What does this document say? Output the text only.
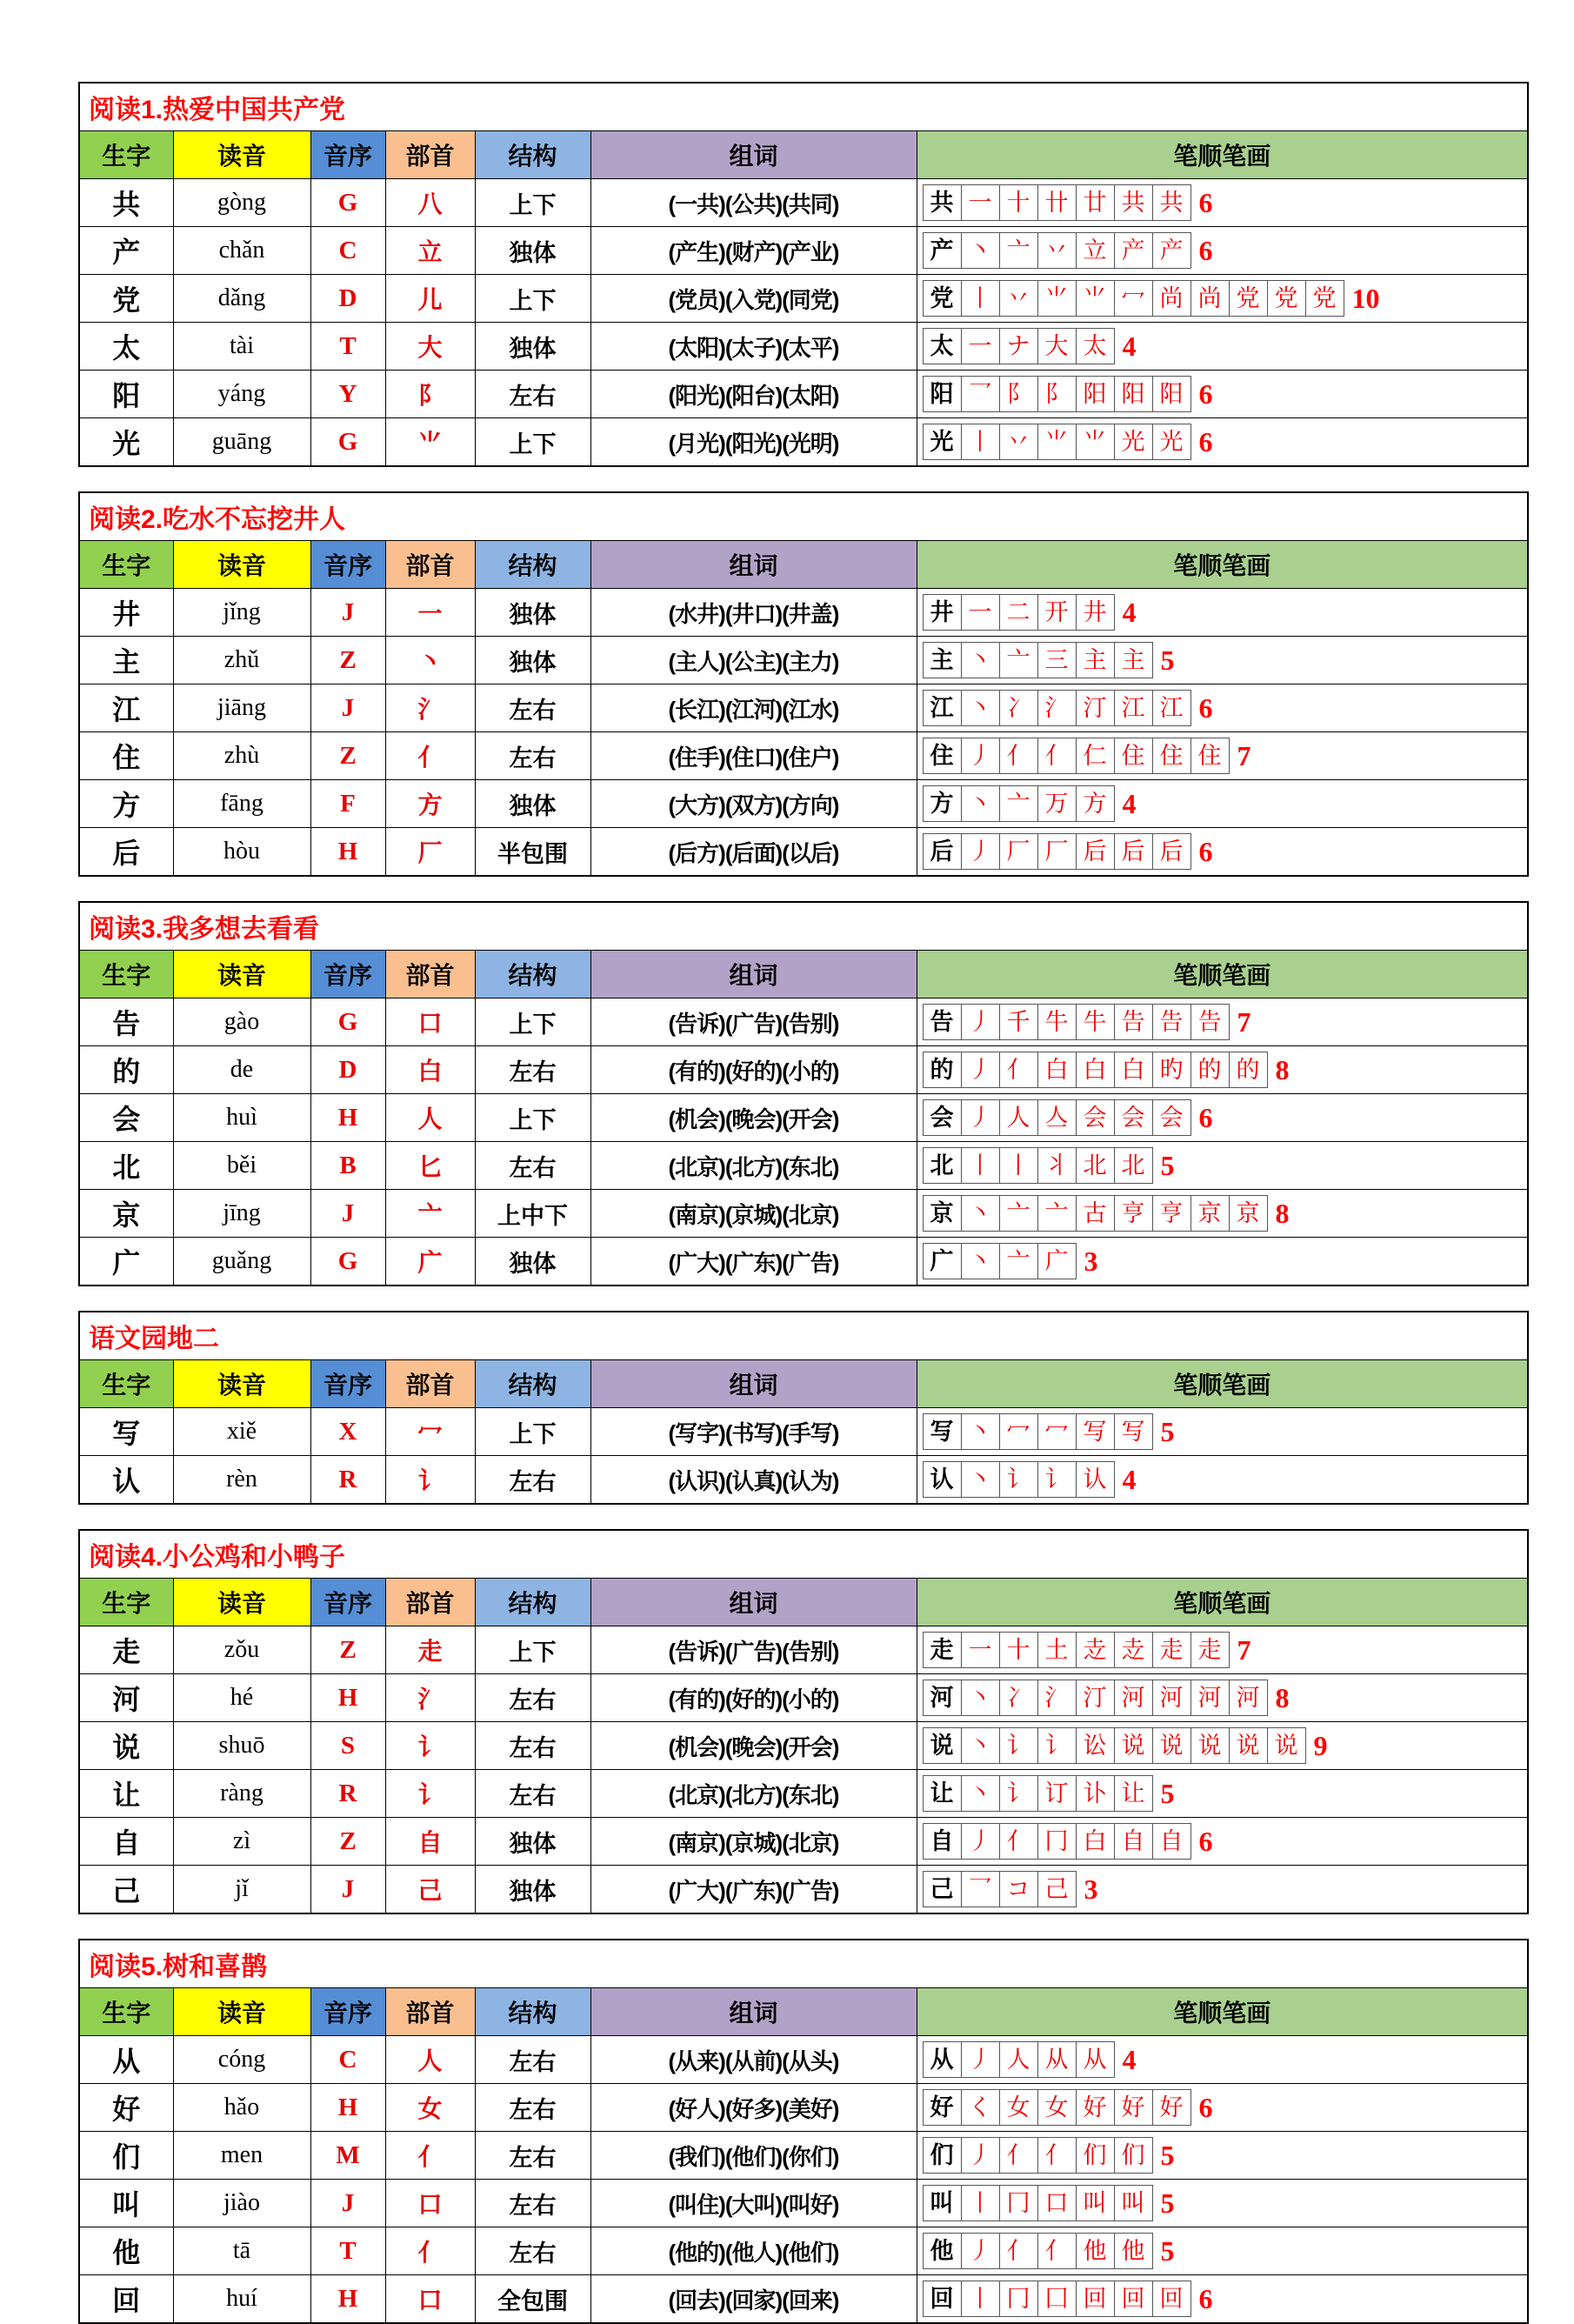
阅读1.热爱中国共产党						
生字	读音	音序	部首	结构	组词	笔顺笔画
共	gòng	G	八	上下	(一共)(公共)(共同)	共 一 十 卄 廿 共 共 6
产	chǎn	C	立	独体	(产生)(财产)(产业)	产 丶 亠 丷 立 产 产 6
党	dǎng	D	儿	上下	(党员)(入党)(同党)	党 丨 丷 ⺌ ⺌ 冖 尚 尚 党 党 党 10
太	tài	T	大	独体	(太阳)(太子)(太平)	太 一 ナ 大 太 4
阳	yáng	Y	阝	左右	(阳光)(阳台)(太阳)	阳 乛 阝 阝 阳 阳 阳 6
光	guāng	G	⺌	上下	(月光)(阳光)(光明)	光 丨 丷 ⺌ ⺌ 光 光 6
阅读2.吃水不忘挖井人						
生字	读音	音序	部首	结构	组词	笔顺笔画
井	jǐng	J	一	独体	(水井)(井口)(井盖)	井 一 二 开 井 4
主	zhǔ	Z	丶	独体	(主人)(公主)(主力)	主 丶 亠 三 主 主 5
江	jiāng	J	氵	左右	(长江)(江河)(江水)	江 丶 冫 氵 汀 江 江 6
住	zhù	Z	亻	左右	(住手)(住口)(住户)	住 丿 亻 亻 仁 住 住 住 7
方	fāng	F	方	独体	(大方)(双方)(方向)	方 丶 亠 万 方 4
后	hòu	H	厂	半包围	(后方)(后面)(以后)	后 丿 厂 厂 后 后 后 6
阅读3.我多想去看看						
生字	读音	音序	部首	结构	组词	笔顺笔画
告	gào	G	口	上下	(告诉)(广告)(告别)	告 丿 千 牛 牛 告 告 告 7
的	de	D	白	左右	(有的)(好的)(小的)	的 丿 亻 白 白 白 旳 的 的 8
会	huì	H	人	上下	(机会)(晚会)(开会)	会 丿 人 亼 会 会 会 6
北	běi	B	匕	左右	(北京)(北方)(东北)	北 丨 丨 丬 北 北 5
京	jīng	J	亠	上中下	(南京)(京城)(北京)	京 丶 亠 亠 古 亨 亨 京 京 8
广	guǎng	G	广	独体	(广大)(广东)(广告)	广 丶 亠 广 3
语文园地二						
生字	读音	音序	部首	结构	组词	笔顺笔画
写	xiě	X	冖	上下	(写字)(书写)(手写)	写 丶 冖 冖 写 写 5
认	rèn	R	讠	左右	(认识)(认真)(认为)	认 丶 讠 讠 认 4
阅读4.小公鸡和小鸭子						
生字	读音	音序	部首	结构	组词	笔顺笔画
走	zǒu	Z	走	上下	(告诉)(广告)(告别)	走 一 十 土 赱 赱 走 走 7
河	hé	H	氵	左右	(有的)(好的)(小的)	河 丶 冫 氵 汀 河 河 河 河 8
说	shuō	S	讠	左右	(机会)(晚会)(开会)	说 丶 讠 讠 讼 说 说 说 说 说 9
让	ràng	R	讠	左右	(北京)(北方)(东北)	让 丶 讠 订 讣 让 5
自	zì	Z	自	独体	(南京)(京城)(北京)	自 丿 亻 冂 白 自 自 6
己	jǐ	J	己	独体	(广大)(广东)(广告)	己 乛 コ 己 3
阅读5.树和喜鹊						
生字	读音	音序	部首	结构	组词	笔顺笔画
从	cóng	C	人	左右	(从来)(从前)(从头)	从 丿 人 从 从 4
好	hǎo	H	女	左右	(好人)(好多)(美好)	好 く 女 女 好 好 好 6
们	men	M	亻	左右	(我们)(他们)(你们)	们 丿 亻 亻 们 们 5
叫	jiào	J	口	左右	(叫住)(大叫)(叫好)	叫 丨 冂 口 叫 叫 5
他	tā	T	亻	左右	(他的)(他人)(他们)	他 丿 亻 亻 他 他 5
回	huí	H	口	全包围	(回去)(回家)(回来)	回 丨 冂 囗 回 回 回 6
